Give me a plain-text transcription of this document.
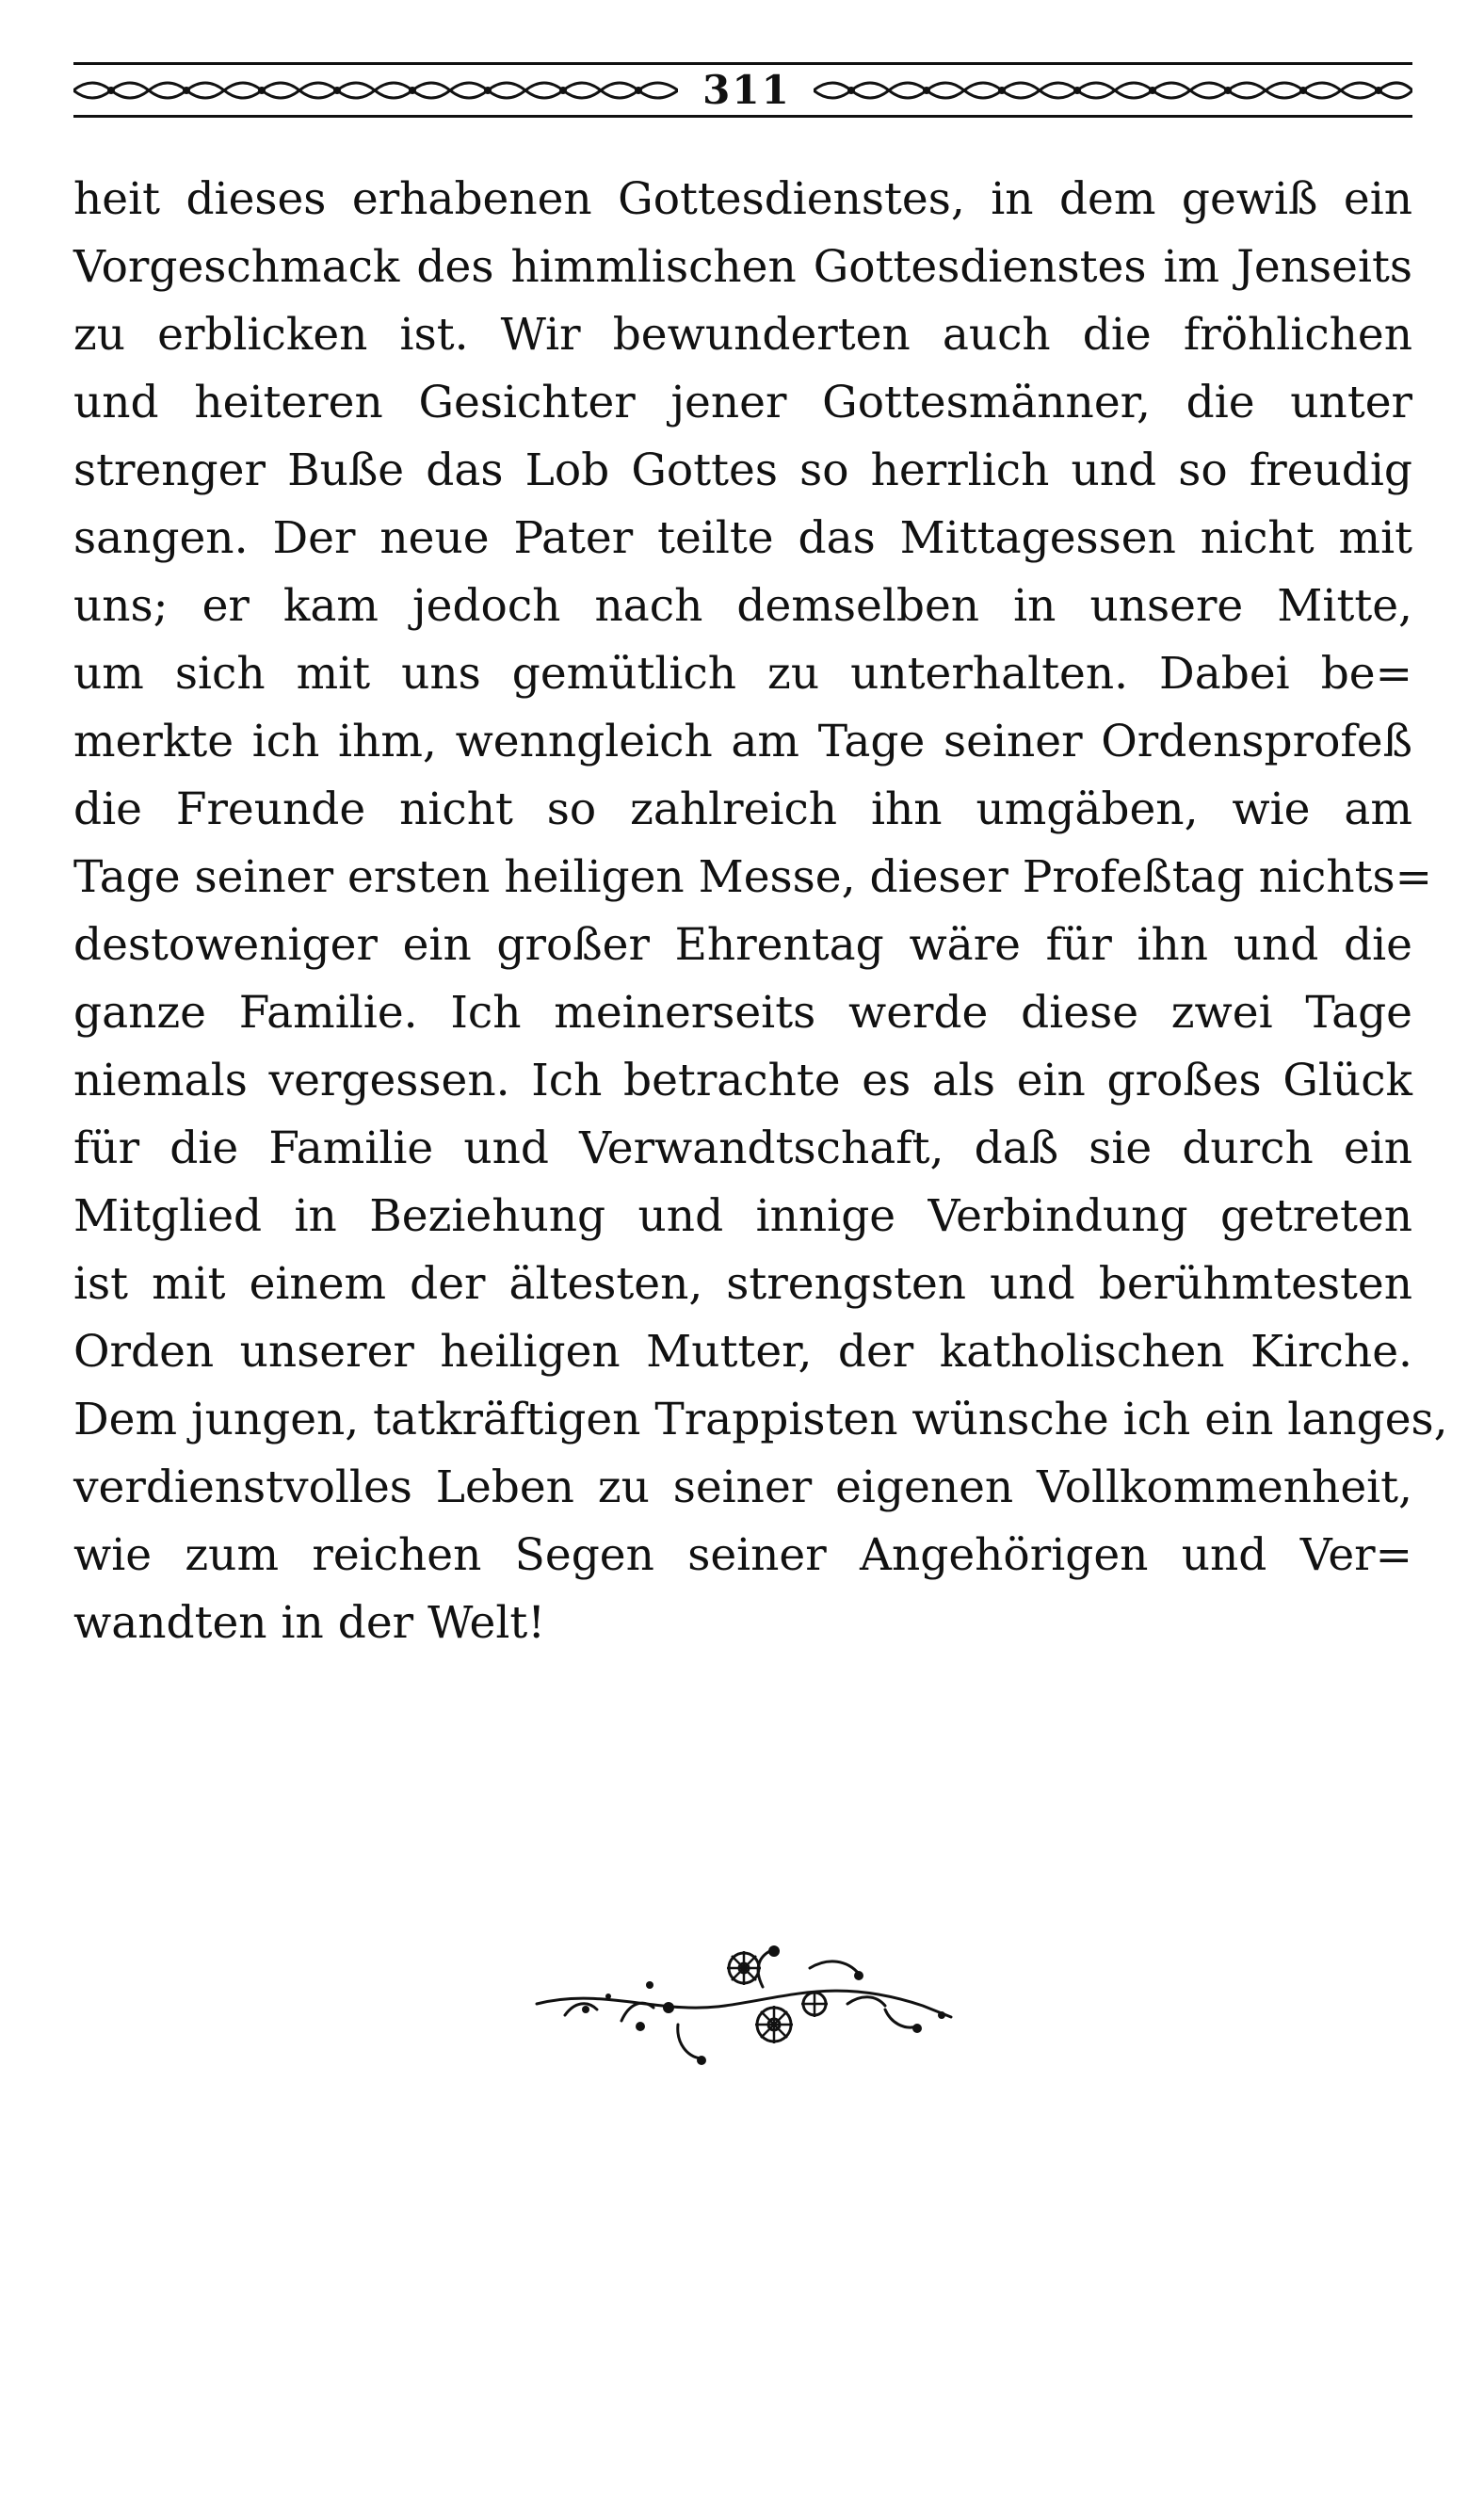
311
heit dieses erhabenen Gottesdienstes, in dem gewiß ein
Vorgeschmack des himmlischen Gottesdienstes im Jenseits
zu erblicken ist. Wir bewunderten auch die fröhlichen
und heiteren Gesichter jener Gottesmänner, die unter
strenger Buße das Lob Gottes so herrlich und so freudig
sangen. Der neue Pater teilte das Mittagessen nicht mit
uns; er kam jedoch nach demselben in unsere Mitte,
um sich mit uns gemütlich zu unterhalten. Dabei be=
merkte ich ihm, wenngleich am Tage seiner Ordensprofeß
die Freunde nicht so zahlreich ihn umgäben, wie am
Tage seiner ersten heiligen Messe, dieser Profeßtag nichts=
destoweniger ein großer Ehrentag wäre für ihn und die
ganze Familie. Ich meinerseits werde diese zwei Tage
niemals vergessen. Ich betrachte es als ein großes Glück
für die Familie und Verwandtschaft, daß sie durch ein
Mitglied in Beziehung und innige Verbindung getreten
ist mit einem der ältesten, strengsten und berühmtesten
Orden unserer heiligen Mutter, der katholischen Kirche.
Dem jungen, tatkräftigen Trappisten wünsche ich ein langes,
verdienstvolles Leben zu seiner eigenen Vollkommenheit,
wie zum reichen Segen seiner Angehörigen und Ver=
wandten in der Welt!
